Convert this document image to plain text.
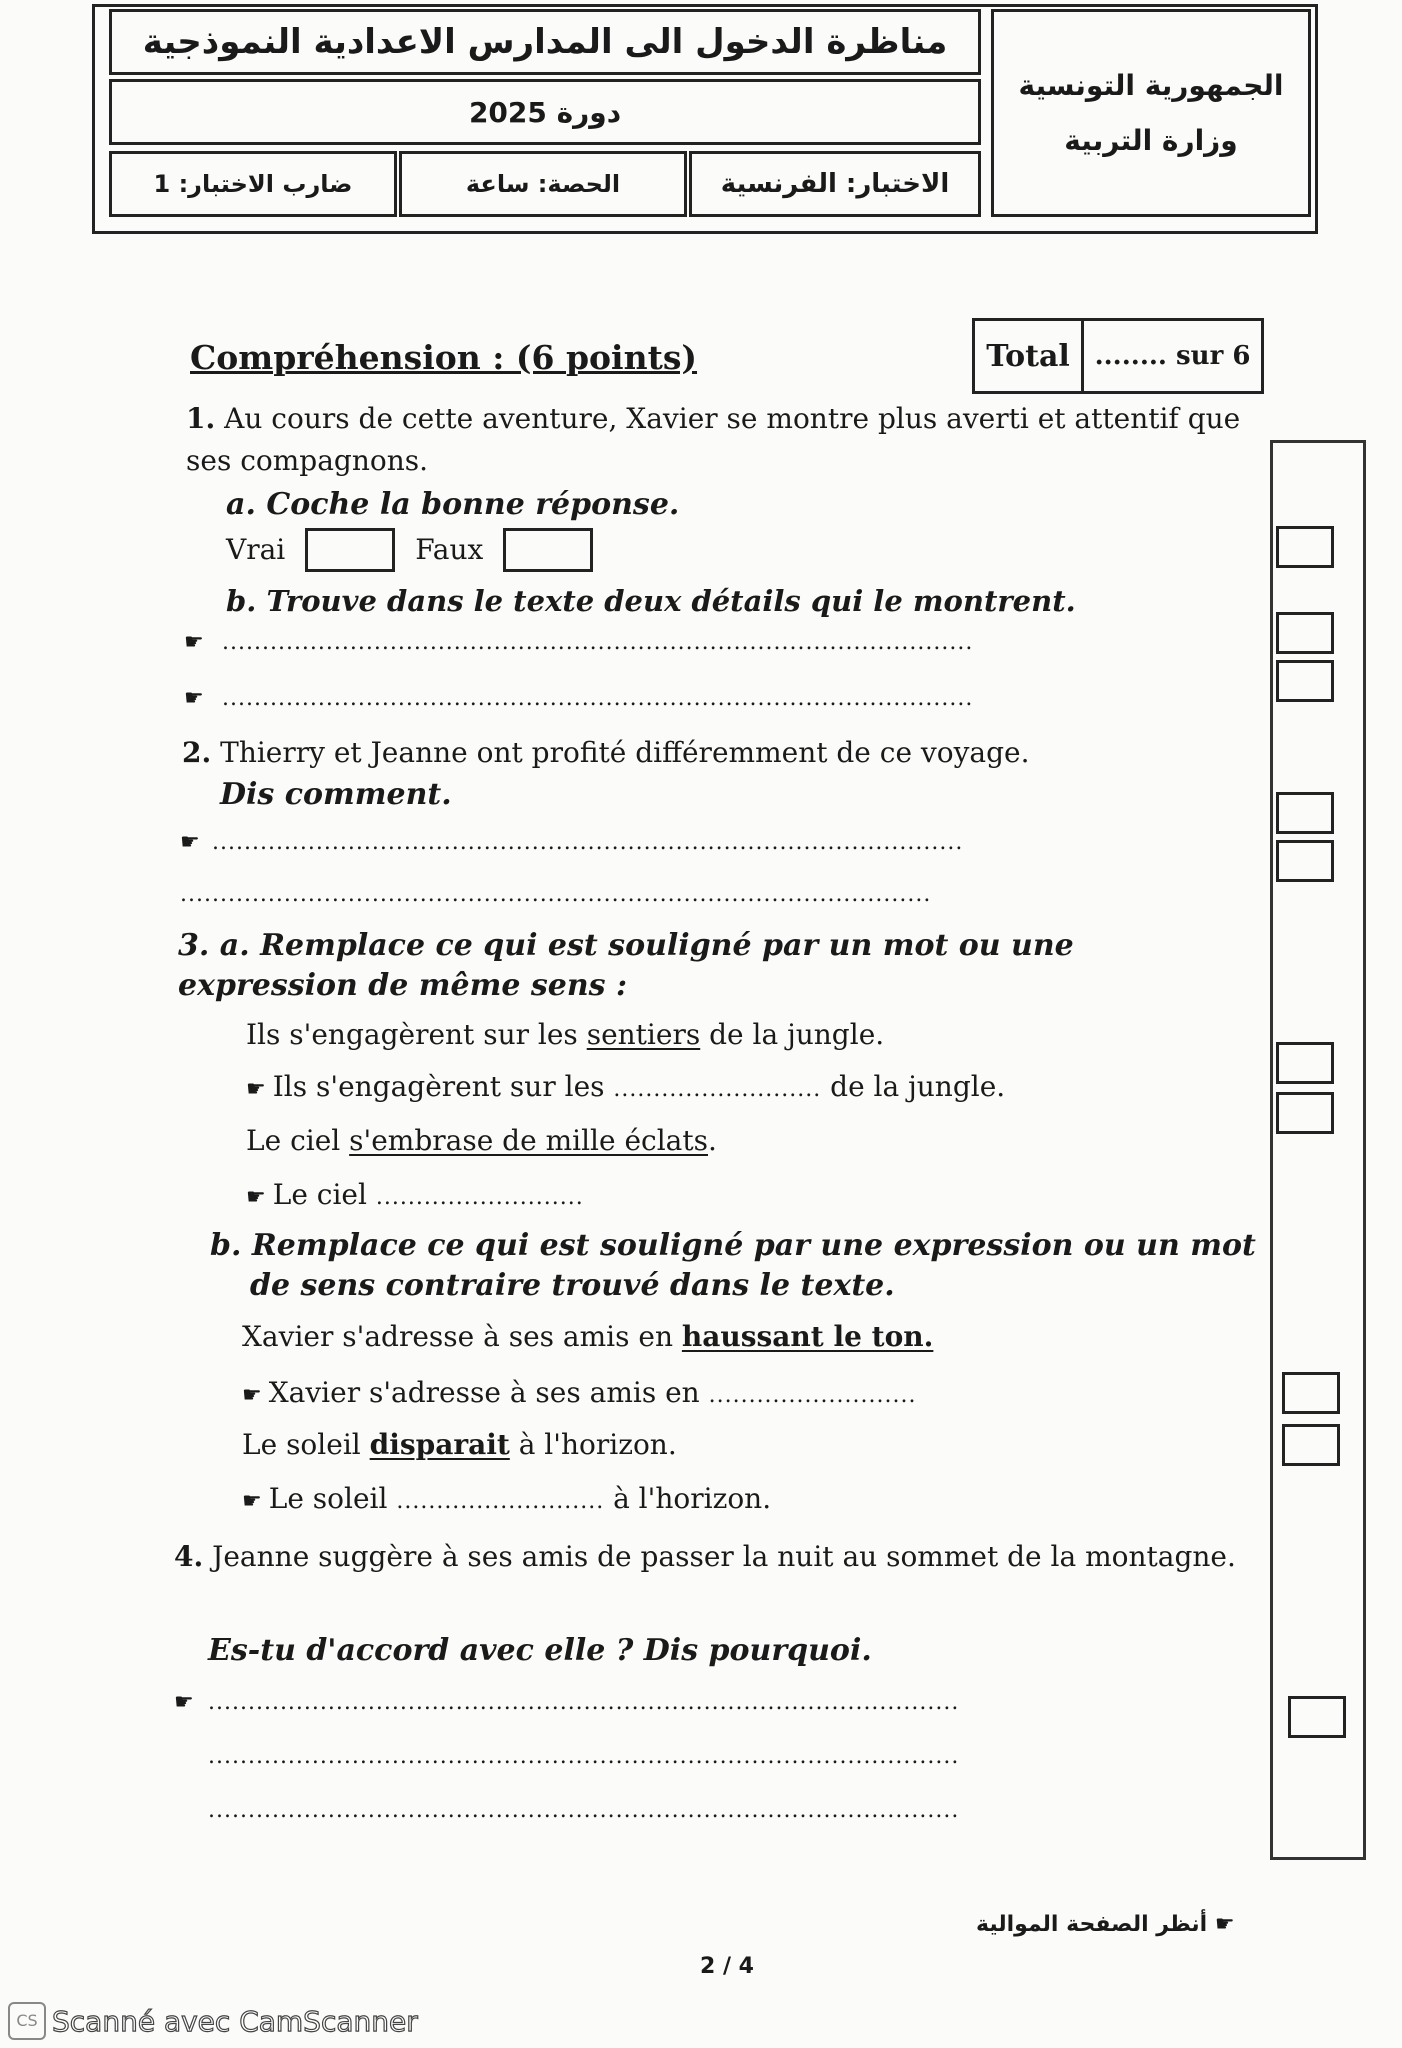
مناظرة الدخول الى المدارس الاعدادية النموذجية
دورة 2025
ضارب الاختبار: 1	الحصة: ساعة	الاختبار: الفرنسية
الجمهورية التونسية
وزارة التربية
Compréhension : (6 points)	Total ........ sur 6
1. Au cours de cette aventure, Xavier se montre plus averti et attentif que ses compagnons.
a. Coche la bonne réponse.
Vrai	Faux
b. Trouve dans le texte deux détails qui le montrent.
☛ ..............................................................................................
☛ ..............................................................................................
2. Thierry et Jeanne ont profité différemment de ce voyage.
Dis comment.
☛ ..............................................................................................
..............................................................................................
3. a. Remplace ce qui est souligné par un mot ou une expression de même sens :
Ils s'engagèrent sur les sentiers de la jungle.
☛ Ils s'engagèrent sur les .......................... de la jungle.
Le ciel s'embrase de mille éclats.
☛ Le ciel ..........................
b. Remplace ce qui est souligné par une expression ou un mot de sens contraire trouvé dans le texte.
Xavier s'adresse à ses amis en haussant le ton.
☛ Xavier s'adresse à ses amis en ..........................
Le soleil disparait à l'horizon.
☛ Le soleil .......................... à l'horizon.
4. Jeanne suggère à ses amis de passer la nuit au sommet de la montagne.
Es-tu d'accord avec elle ? Dis pourquoi.
☛ ..............................................................................................
..............................................................................................
..............................................................................................
☛ أنظر الصفحة الموالية
2 / 4
CS Scanné avec CamScanner
